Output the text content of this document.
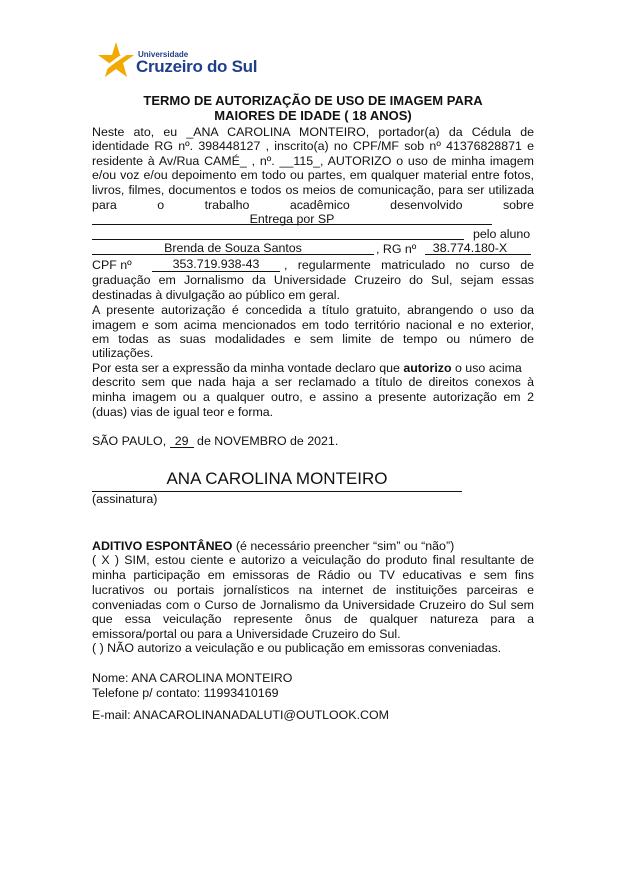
Universidade
Cruzeiro do Sul
TERMO DE AUTORIZAÇÃO DE USO DE IMAGEM PARA
MAIORES DE IDADE ( 18 ANOS)
Neste ato, eu _ANA CAROLINA MONTEIRO, portador(a) da Cédula de
identidade RG nº. 398448127 , inscrito(a) no CPF/MF sob nº 41376828871 e
residente à Av/Rua CAMÉ_ , nº. __115_, AUTORIZO o uso de minha imagem
e/ou voz e/ou depoimento em todo ou partes, em qualquer material entre fotos,
livros, filmes, documentos e todos os meios de comunicação, para ser utilizada
para	o	trabalho	acadêmico	desenvolvido	sobre
Entrega por SP
pelo aluno
Brenda de Souza Santos	, RG nº	38.774.180-X
CPF nº	353.719.938-43	, regularmente matriculado no curso de
graduação em Jornalismo da Universidade Cruzeiro do Sul, sejam essas
destinadas à divulgação ao público em geral.
A presente autorização é concedida a título gratuito, abrangendo o uso da
imagem e som acima mencionados em todo território nacional e no exterior,
em todas as suas modalidades e sem limite de tempo ou número de
utilizações.
Por esta ser a expressão da minha vontade declaro que autorizo o uso acima
descrito sem que nada haja a ser reclamado a título de direitos conexos à
minha imagem ou a qualquer outro, e assino a presente autorização em 2
(duas) vias de igual teor e forma.
SÃO PAULO, 29 de NOVEMBRO de 2021.
ANA CAROLINA MONTEIRO
(assinatura)
ADITIVO ESPONTÂNEO (é necessário preencher “sim” ou “não”)
( X ) SIM, estou ciente e autorizo a veiculação do produto final resultante de
minha participação em emissoras de Rádio ou TV educativas e sem fins
lucrativos ou portais jornalísticos na internet de instituições parceiras e
conveniadas com o Curso de Jornalismo da Universidade Cruzeiro do Sul sem
que essa veiculação represente ônus de qualquer natureza para a
emissora/portal ou para a Universidade Cruzeiro do Sul.
( ) NÃO autorizo a veiculação e ou publicação em emissoras conveniadas.
Nome: ANA CAROLINA MONTEIRO
Telefone p/ contato: 11993410169
E-mail: ANACAROLINANADALUTI@OUTLOOK.COM
